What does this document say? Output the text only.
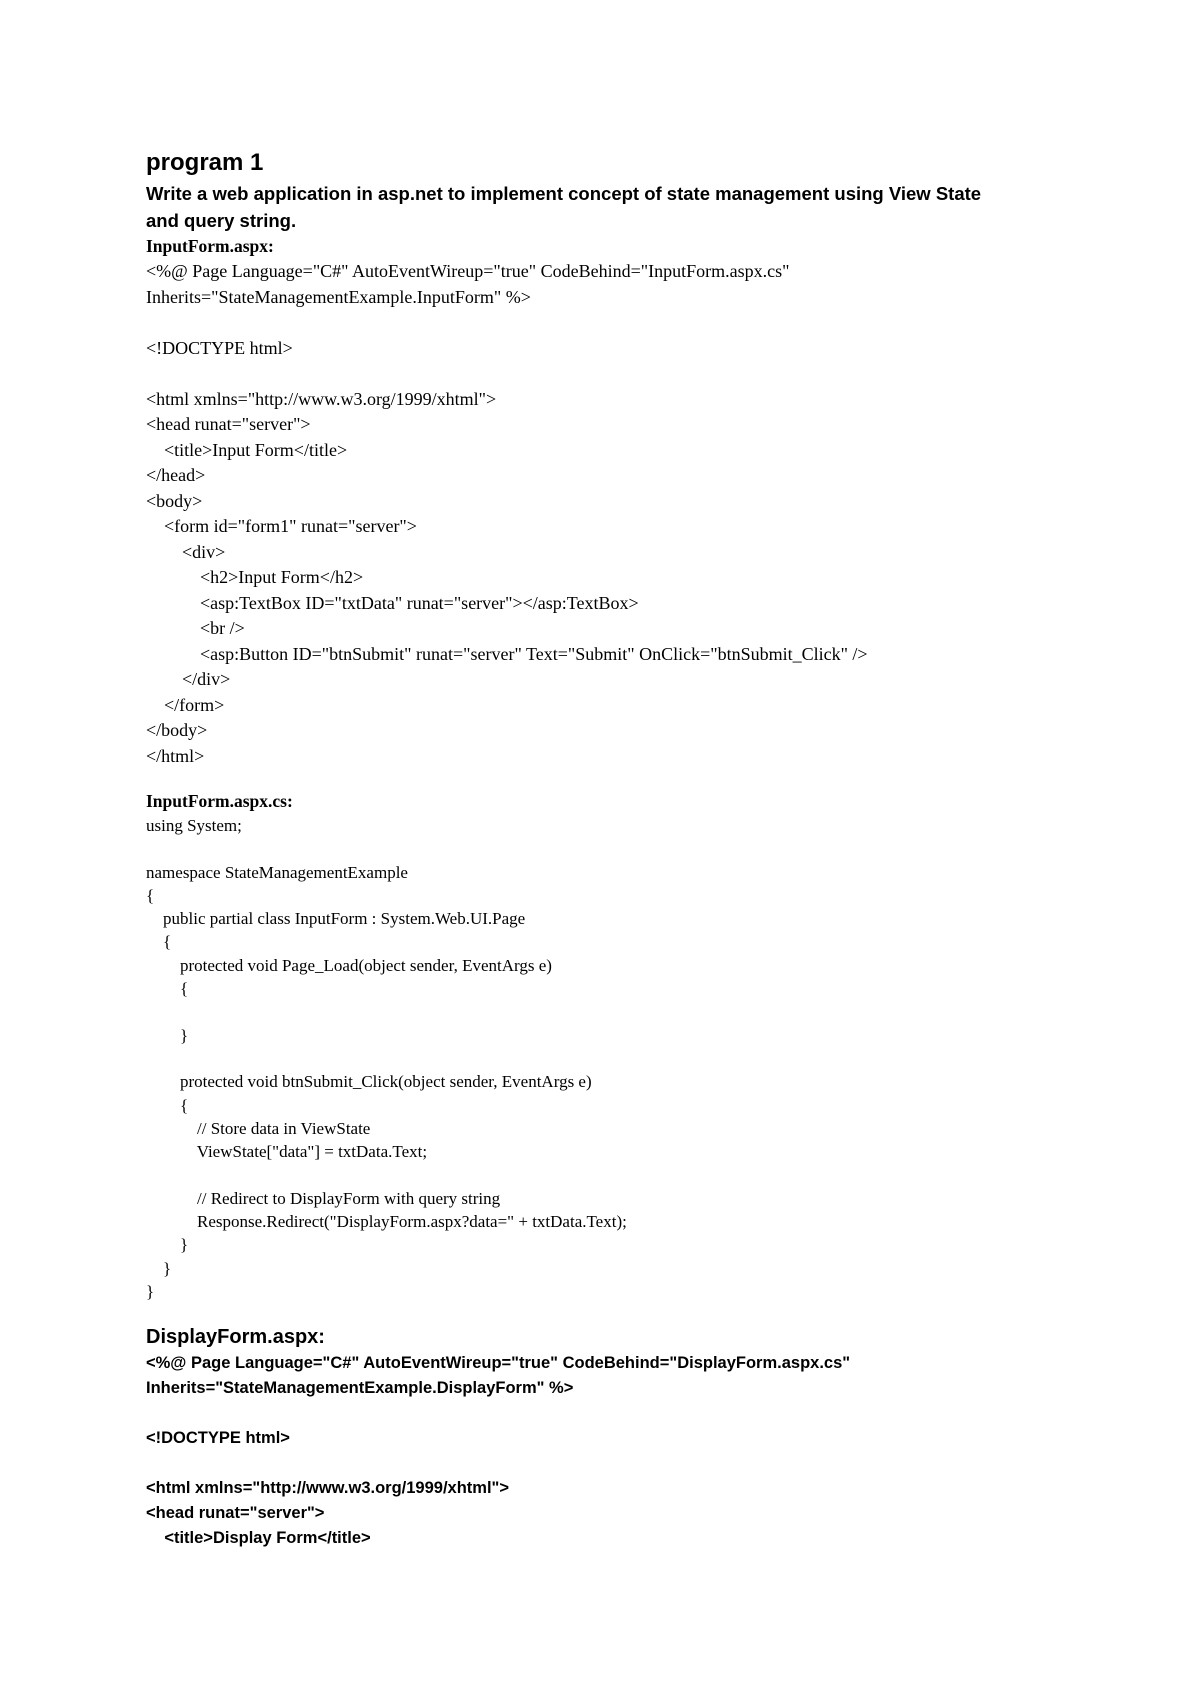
program 1
Write a web application in asp.net to implement concept of state management using View State
and query string.
InputForm.aspx:
<%@ Page Language="C#" AutoEventWireup="true" CodeBehind="InputForm.aspx.cs"
Inherits="StateManagementExample.InputForm" %>
<!DOCTYPE html>
<html xmlns="http://www.w3.org/1999/xhtml">
<head runat="server">
<title>Input Form</title>
</head>
<body>
<form id="form1" runat="server">
<div>
<h2>Input Form</h2>
<asp:TextBox ID="txtData" runat="server"></asp:TextBox>
<br />
<asp:Button ID="btnSubmit" runat="server" Text="Submit" OnClick="btnSubmit_Click" />
</div>
</form>
</body>
</html>
InputForm.aspx.cs:
using System;
namespace StateManagementExample
{
public partial class InputForm : System.Web.UI.Page
{
protected void Page_Load(object sender, EventArgs e)
{
}
protected void btnSubmit_Click(object sender, EventArgs e)
{
// Store data in ViewState
ViewState["data"] = txtData.Text;
// Redirect to DisplayForm with query string
Response.Redirect("DisplayForm.aspx?data=" + txtData.Text);
}
}
}
DisplayForm.aspx:
<%@ Page Language="C#" AutoEventWireup="true" CodeBehind="DisplayForm.aspx.cs"
Inherits="StateManagementExample.DisplayForm" %>
<!DOCTYPE html>
<html xmlns="http://www.w3.org/1999/xhtml">
<head runat="server">
<title>Display Form</title>
